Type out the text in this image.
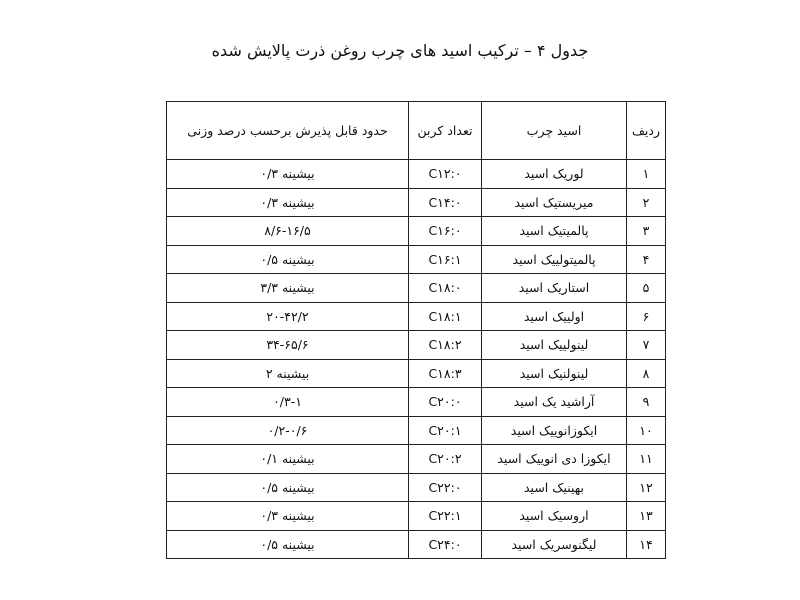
جدول ۴ – ترکیب اسید های چرب روغن ذرت پالایش شده
ردیف	اسید چرب	تعداد کربن	حدود قابل پذیرش برحسب درصد وزنی
۱	لوریک اسید	C۱۲:۰	بیشینه ۰/۳
۲	میریستیک اسید	C۱۴:۰	بیشینه ۰/۳
۳	پالمیتیک اسید	C۱۶:۰	۸/۶-۱۶/۵
۴	پالمیتولییک اسید	C۱۶:۱	بیشینه ۰/۵
۵	استاریک اسید	C۱۸:۰	بیشینه ۳/۳
۶	اولییک اسید	C۱۸:۱	۲۰-۴۲/۲
۷	لینولییک اسید	C۱۸:۲	۳۴-۶۵/۶
۸	لینولنیک اسید	C۱۸:۳	بیشینه ۲
۹	آراشید یک اسید	C۲۰:۰	۰/۳-۱
۱۰	ایکوزانوییک اسید	C۲۰:۱	۰/۲-۰/۶
۱۱	ایکوزا دی انوییک اسید	C۲۰:۲	بیشینه ۰/۱
۱۲	بهینیک اسید	C۲۲:۰	بیشینه ۰/۵
۱۳	اروسیک اسید	C۲۲:۱	بیشینه ۰/۳
۱۴	لیگنوسریک اسید	C۲۴:۰	بیشینه ۰/۵
